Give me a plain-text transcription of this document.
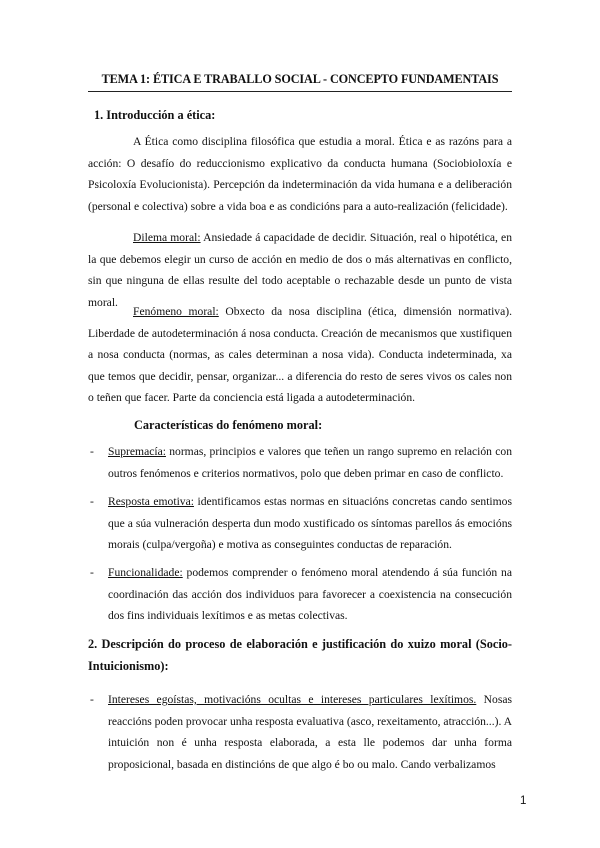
TEMA 1: ÉTICA E TRABALLO SOCIAL - CONCEPTO FUNDAMENTAIS
1. Introducción a ética:
A Ética como disciplina filosófica que estudia a moral. Ética e as razóns para a acción: O desafío do reduccionismo explicativo da conducta humana (Sociobioloxía e Psicoloxía Evolucionista). Percepción da indeterminación da vida humana e a deliberación (personal e colectiva) sobre a vida boa e as condicións para a auto-realización (felicidade).
Dilema moral: Ansiedade á capacidade de decidir. Situación, real o hipotética, en la que debemos elegir un curso de acción en medio de dos o más alternativas en conflicto, sin que ninguna de ellas resulte del todo aceptable o rechazable desde un punto de vista moral.
Fenómeno moral: Obxecto da nosa disciplina (ética, dimensión normativa). Liberdade de autodeterminación á nosa conducta. Creación de mecanismos que xustifiquen a nosa conducta (normas, as cales determinan a nosa vida). Conducta indeterminada, xa que temos que decidir, pensar, organizar... a diferencia do resto de seres vivos os cales non o teñen que facer. Parte da conciencia está ligada a autodeterminación.
Características do fenómeno moral:
- Supremacía: normas, principios e valores que teñen un rango supremo en relación con outros fenómenos e criterios normativos, polo que deben primar en caso de conflicto.
- Resposta emotiva: identificamos estas normas en situacións concretas cando sentimos que a súa vulneración desperta dun modo xustificado os síntomas parellos ás emocións morais (culpa/vergoña) e motiva as conseguintes conductas de reparación.
- Funcionalidade: podemos comprender o fenómeno moral atendendo á súa función na coordinación das acción dos individuos para favorecer a coexistencia na consecución dos fins individuais lexítimos e as metas colectivas.
2. Descripción do proceso de elaboración e justificación do xuizo moral (Socio-Intuicionismo):
- Intereses egoístas, motivacións ocultas e intereses particulares lexítimos. Nosas reaccións poden provocar unha resposta evaluativa (asco, rexeitamento, atracción...). A intuición non é unha resposta elaborada, a esta lle podemos dar unha forma proposicional, basada en distincións de que algo é bo ou malo. Cando verbalizamos
1
